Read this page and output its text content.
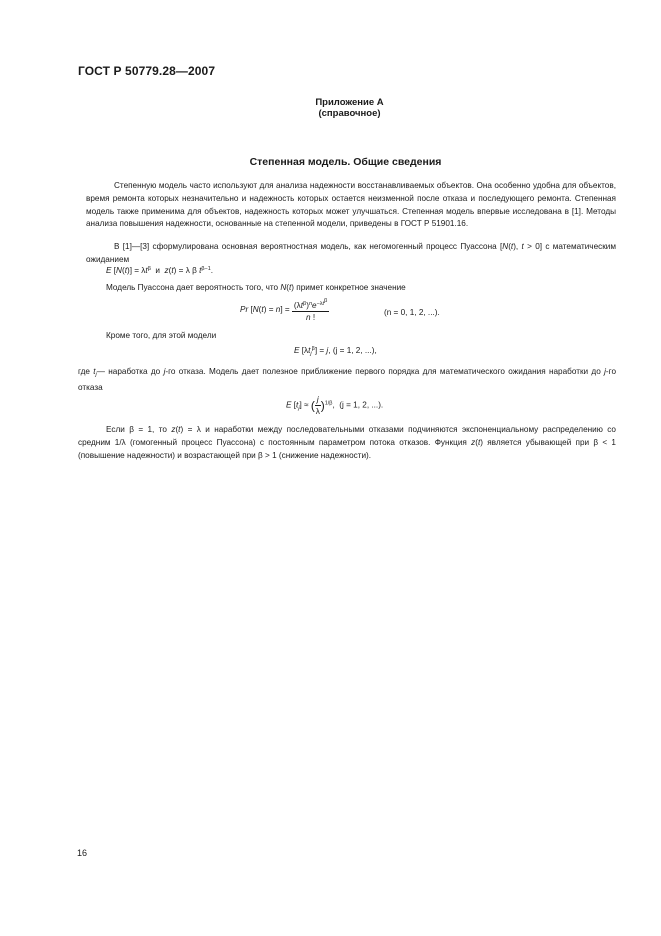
ГОСТ Р 50779.28—2007
Приложение А
(справочное)
Степенная модель. Общие сведения

Степенную модель часто используют для анализа надежности восстанавливаемых объектов. Она особенно удобна для объектов, время ремонта которых незначительно и надежность которых остается неизменной после отказа и последующего ремонта. Степенная модель также применима для объектов, надежность которых может улучшаться. Степенная модель впервые исследована в [1]. Методы анализа повышения надежности, основанные на степенной модели, приведены в ГОСТ Р 51901.16.

В [1]—[3] сформулирована основная вероятностная модель, как негомогенный процесс Пуассона [N(t), t > 0] с математическим ожиданием

E $[N(t)] = \lambda t^\beta$  и  z(t) = λ β $t^{\beta-1}$.
Модель Пуассона дает вероятность того, что N(t) примет конкретное значение
Pr $[N(t) = n] = \frac{(\lambda t^\beta)^ne^{-\lambda t^\beta}}{n !}$	(n = 0, 1, 2, ...).
Кроме того, для этой модели
E $[\lambda t_j^\beta] = j$, (j = 1, 2, ...),

где $t_j—$ наработка до j-го отказа. Модель дает полезное приближение первого порядка для математического ожидания наработки до j-го отказа

E $[t_j]$ ≈ ( $\frac{j}{\lambda} )^{1/\beta}$,  (j = 1, 2, ...).

Если β = 1, то z(t) = λ и наработки между последовательными отказами подчиняются экспоненциальному распределению со средним 1/λ (гомогенный процесс Пуассона) с постоянным параметром потока отказов. Функция z(t) является убывающей при β < 1 (повышение надежности) и возрастающей при β > 1 (снижение надежности).

16
